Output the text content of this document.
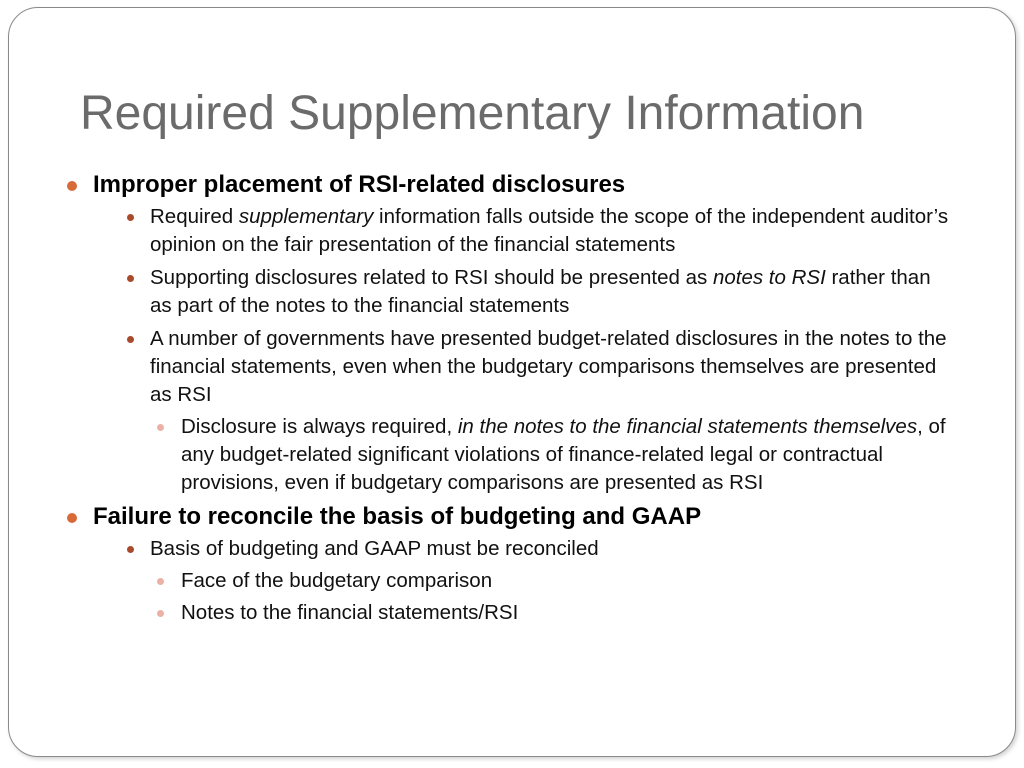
Required Supplementary Information
Improper placement of RSI-related disclosures
Required supplementary information falls outside the scope of the independent auditor’s opinion on the fair presentation of the financial statements
Supporting disclosures related to RSI should be presented as notes to RSI rather than as part of the notes to the financial statements
A number of governments have presented budget-related disclosures in the notes to the financial statements, even when the budgetary comparisons themselves are presented as RSI
Disclosure is always required, in the notes to the financial statements themselves, of any budget-related significant violations of finance-related legal or contractual provisions, even if budgetary comparisons are presented as RSI
Failure to reconcile the basis of budgeting and GAAP
Basis of budgeting and GAAP must be reconciled
Face of the budgetary comparison
Notes to the financial statements/RSI
